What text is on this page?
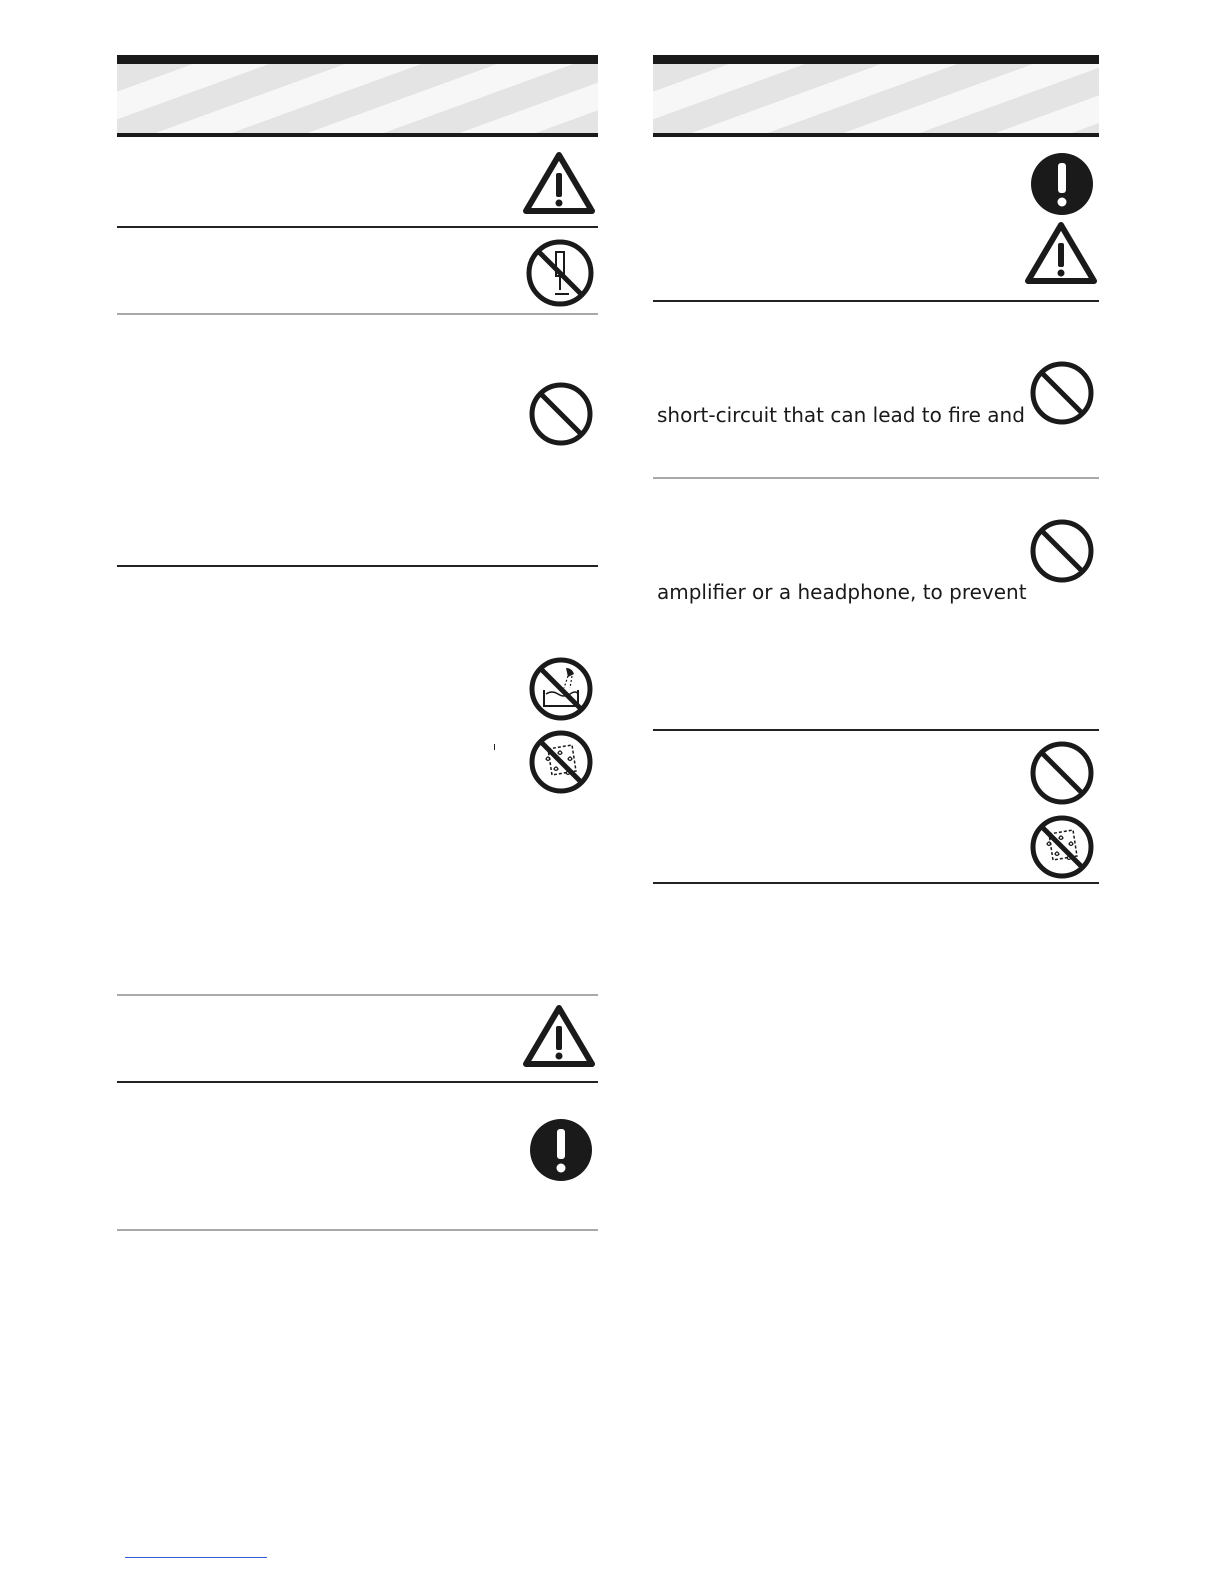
short-circuit that can lead to fire and
amplifier or a headphone, to prevent
